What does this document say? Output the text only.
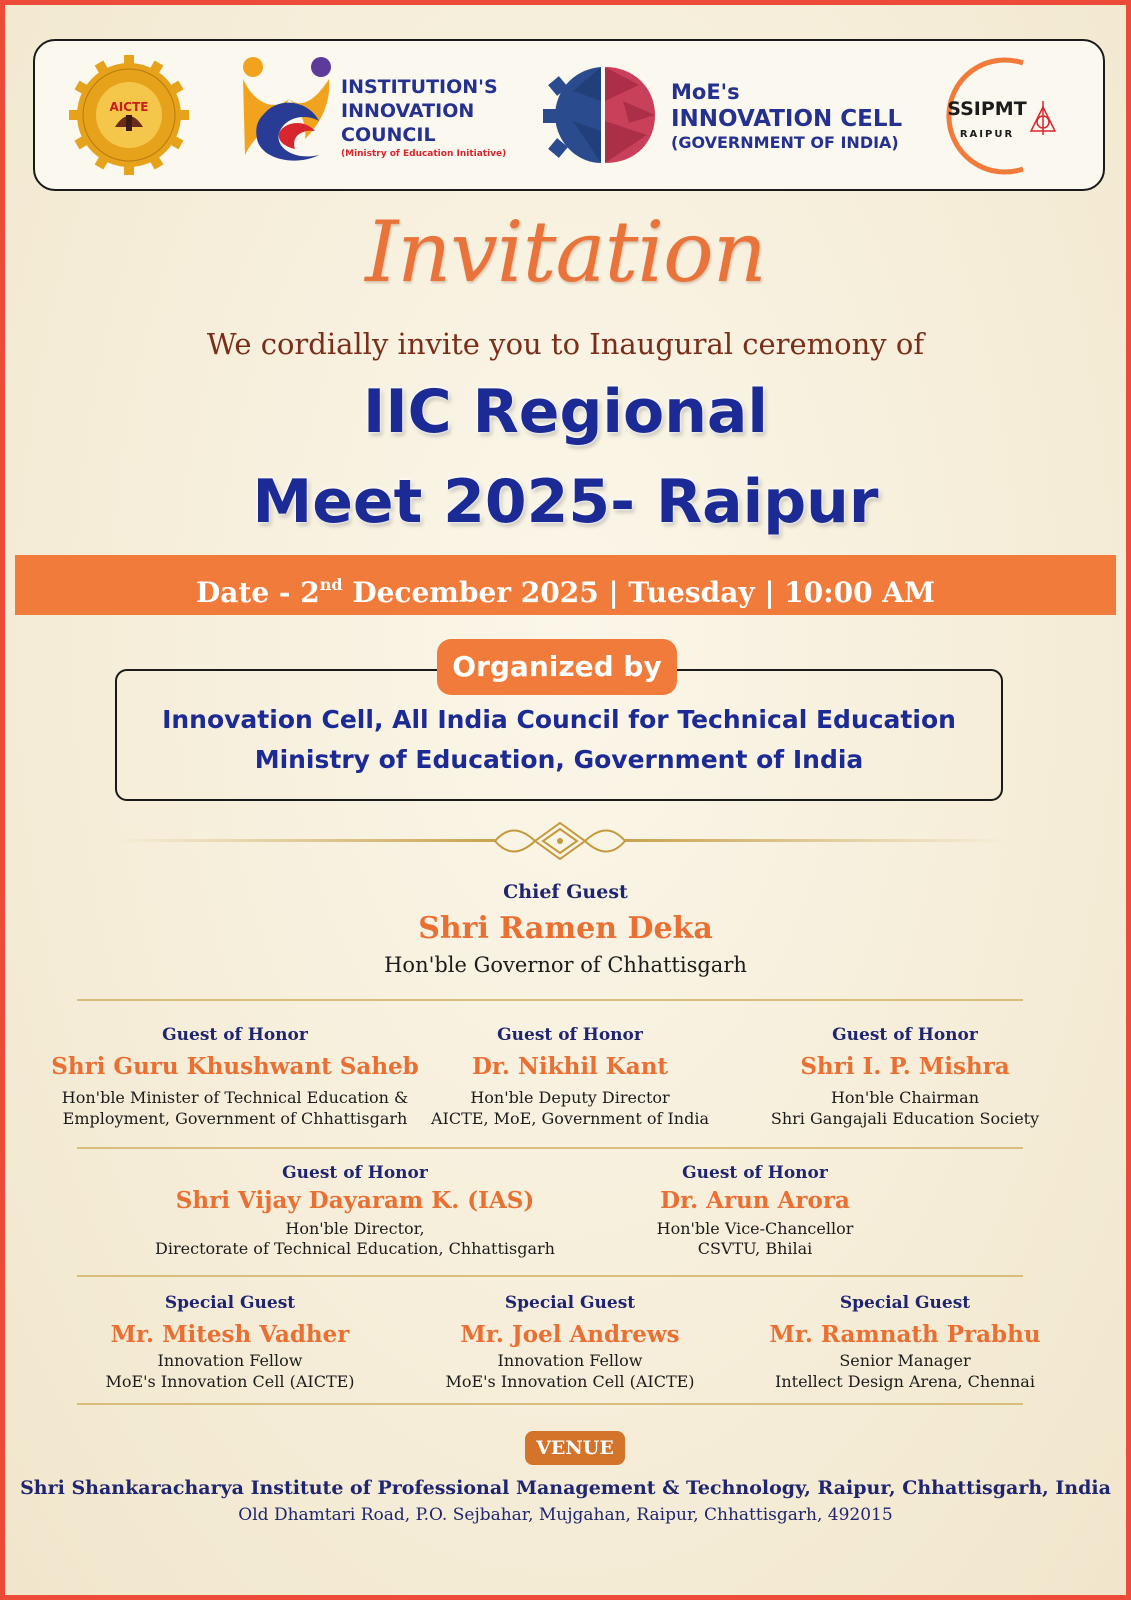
AICTE
INSTITUTION'S
INNOVATION
COUNCIL
(Ministry of Education Initiative)
MoE's
INNOVATION CELL
(GOVERNMENT OF INDIA)
SSIPMT
RAIPUR
Invitation
We cordially invite you to Inaugural ceremony of
IIC Regional
Meet 2025- Raipur
Date - 2nd December 2025 | Tuesday | 10:00 AM
Organized by
Innovation Cell, All India Council for Technical Education
Ministry of Education, Government of India
Chief Guest
Shri Ramen Deka
Hon'ble Governor of Chhattisgarh
Guest of Honor
Shri Guru Khushwant Saheb
Hon'ble Minister of Technical Education &
Employment, Government of Chhattisgarh
Guest of Honor
Dr. Nikhil Kant
Hon'ble Deputy Director
AICTE, MoE, Government of India
Guest of Honor
Shri I. P. Mishra
Hon'ble Chairman
Shri Gangajali Education Society
Guest of Honor
Shri Vijay Dayaram K. (IAS)
Hon'ble Director,
Directorate of Technical Education, Chhattisgarh
Guest of Honor
Dr. Arun Arora
Hon'ble Vice-Chancellor
CSVTU, Bhilai
Special Guest
Mr. Mitesh Vadher
Innovation Fellow
MoE's Innovation Cell (AICTE)
Special Guest
Mr. Joel Andrews
Innovation Fellow
MoE's Innovation Cell (AICTE)
Special Guest
Mr. Ramnath Prabhu
Senior Manager
Intellect Design Arena, Chennai
VENUE
Shri Shankaracharya Institute of Professional Management & Technology, Raipur, Chhattisgarh, India
Old Dhamtari Road, P.O. Sejbahar, Mujgahan, Raipur, Chhattisgarh, 492015
